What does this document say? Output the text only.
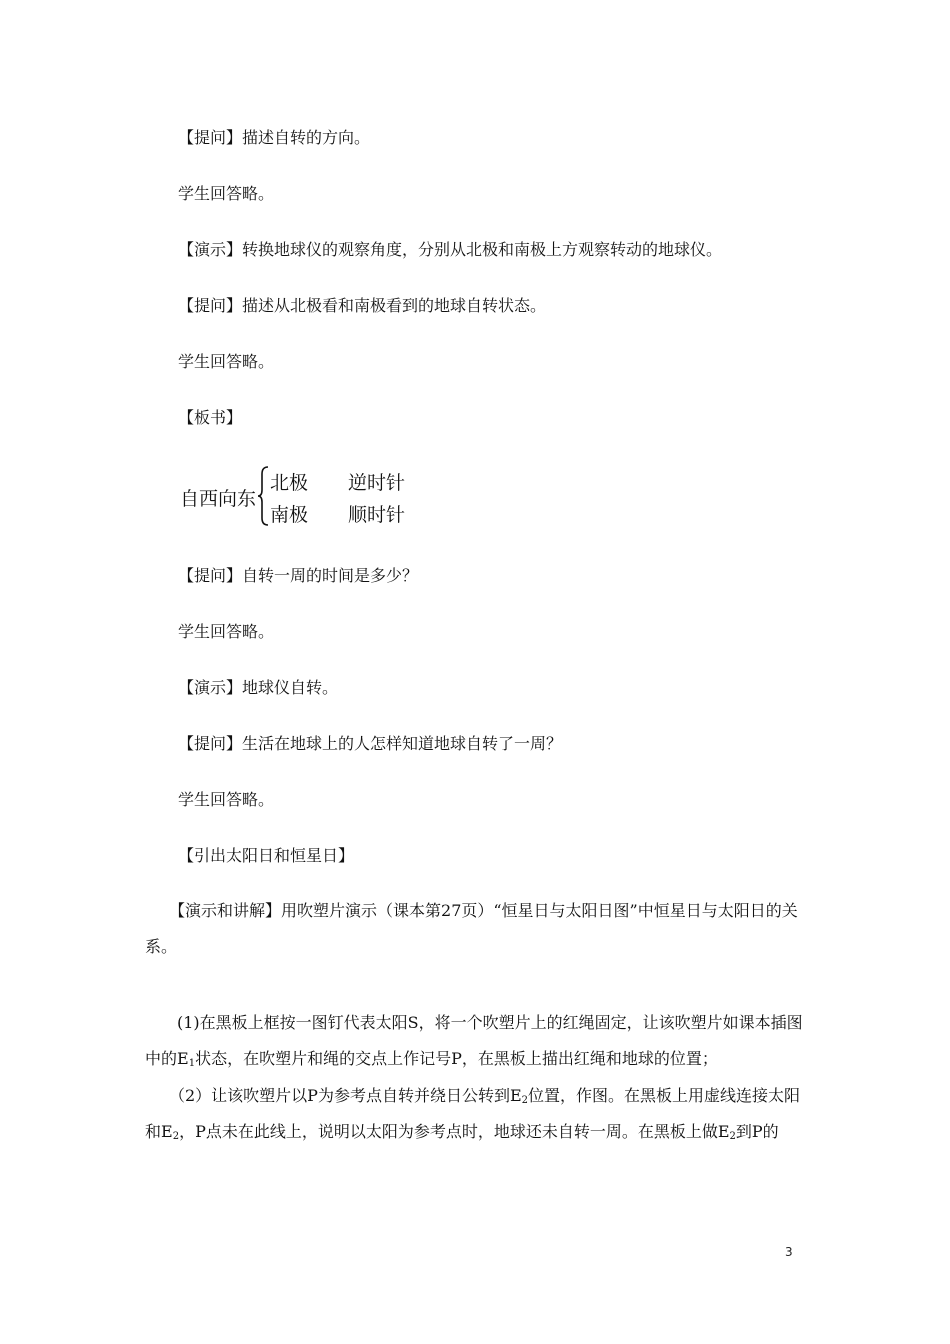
【提问】描述自转的方向。
学生回答略。
【演示】转换地球仪的观察角度，分别从北极和南极上方观察转动的地球仪。
【提问】描述从北极看和南极看到的地球自转状态。
学生回答略。
【板书】
自西向东
北极 逆时针
南极 顺时针
【提问】自转一周的时间是多少？
学生回答略。
【演示】地球仪自转。
【提问】生活在地球上的人怎样知道地球自转了一周？
学生回答略。
【引出太阳日和恒星日】
　　【演示和讲解】用吹塑片演示（课本第27页）“恒星日与太阳日图”中恒星日与太阳日的关系。
　　(1)在黑板上框按一图钉代表太阳S，将一个吹塑片上的红绳固定，让该吹塑片如课本插图中的$E_1$状态，在吹塑片和绳的交点上作记号P，在黑板上描出红绳和地球的位置；
　　（2）让该吹塑片以P为参考点自转并绕日公转到$E_2$位置，作图。在黑板上用虚线连接太阳和$E_2$，P点未在此线上，说明以太阳为参考点时，地球还未自转一周。在黑板上做$E_2$到P的
3
